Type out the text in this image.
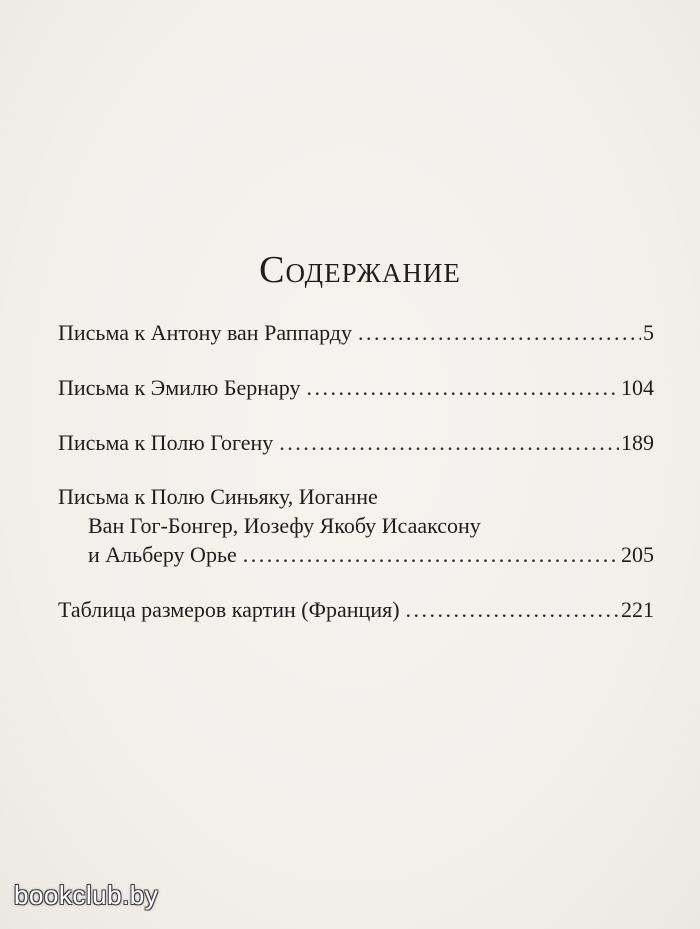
Содержание
Письма к Антону ван Раппарду . . .	5
Письма к Эмилю Бернару . . .	104
Письма к Полю Гогену . . .	189
Письма к Полю Синьяку, Иоганне
Ван Гог-Бонгер, Иозефу Якобу Исааксону
и Альберу Орье . . .	205
Таблица размеров картин (Франция) . . .	221
bookclub.by
